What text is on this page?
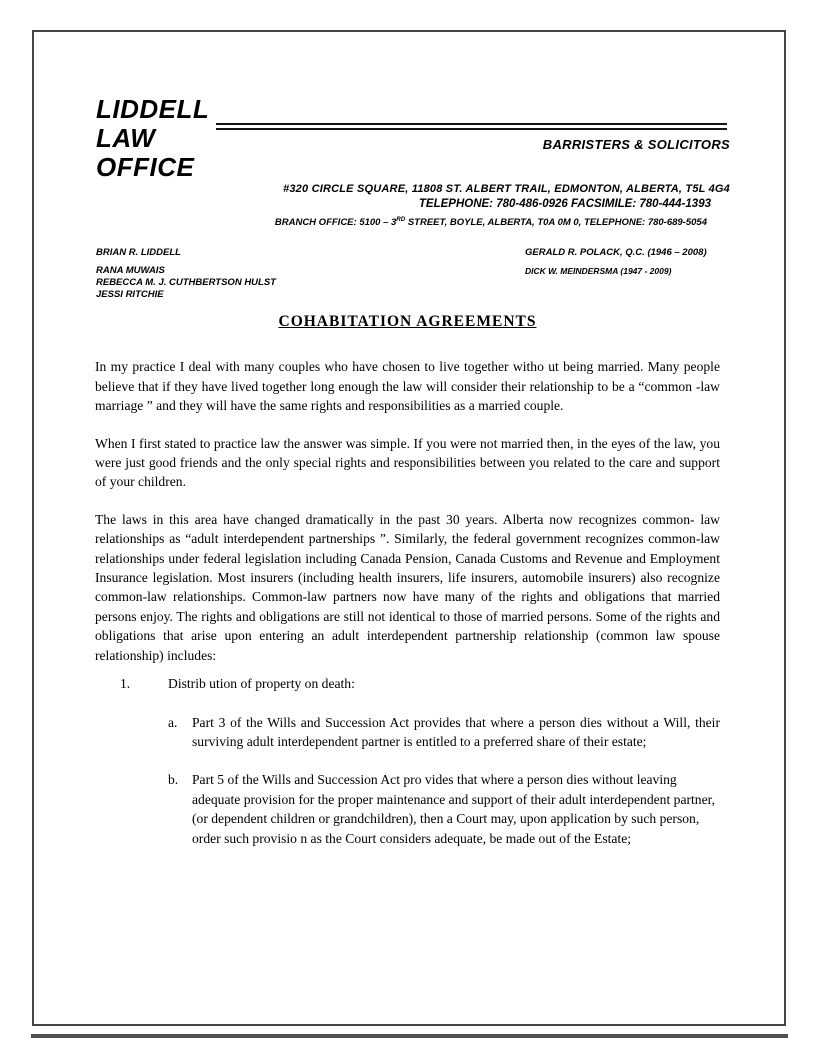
LIDDELL
LAW
OFFICE
BARRISTERS & SOLICITORS
#320 CIRCLE SQUARE, 11808 ST. ALBERT TRAIL, EDMONTON, ALBERTA, T5L 4G4
TELEPHONE: 780-486-0926 FACSIMILE: 780-444-1393
BRANCH OFFICE: 5100 – 3RD STREET, BOYLE, ALBERTA, T0A 0M 0, TELEPHONE: 780-689-5054
BRIAN R. LIDDELL
RANA MUWAIS
REBECCA M. J. CUTHBERTSON HULST
JESSI RITCHIE
GERALD R. POLACK, Q.C. (1946 – 2008)
DICK W. MEINDERSMA (1947 - 2009)
COHABITATION AGREEMENTS

In my practice I deal with many couples who have chosen to live together witho ut being married. Many people believe that if they have lived together long enough the law will consider their relationship to be a “common -law marriage ” and they will have the same rights and responsibilities as a married couple.

When I first stated to practice law the answer was simple. If you were not married then, in the eyes of the law, you were just good friends and the only special rights and responsibilities between you related to the care and support of your children.

The laws in this area have changed dramatically in the past 30 years. Alberta now recognizes common- law relationships as “adult interdependent partnerships ”. Similarly, the federal government recognizes common-law relationships under federal legislation including Canada Pension, Canada Customs and Revenue and Employment Insurance legislation. Most insurers (including health insurers, life insurers, automobile insurers) also recognize common-law relationships. Common-law partners now have many of the rights and obligations that married persons enjoy. The rights and obligations are still not identical to those of married persons. Some of the rights and obligations that arise upon entering an adult interdependent partnership relationship (common law spouse relationship) includes:

1.	Distrib ution of property on death:
a.	Part 3 of the Wills and Succession Act provides that where a person dies without a Will, their surviving adult interdependent partner is entitled to a preferred share of their estate;
b.	Part 5 of the Wills and Succession Act pro vides that where a person dies without leaving adequate provision for the proper maintenance and support of their adult interdependent partner, (or dependent children or grandchildren), then a Court may, upon application by such person, order such provisio n as the Court considers adequate, be made out of the Estate;
